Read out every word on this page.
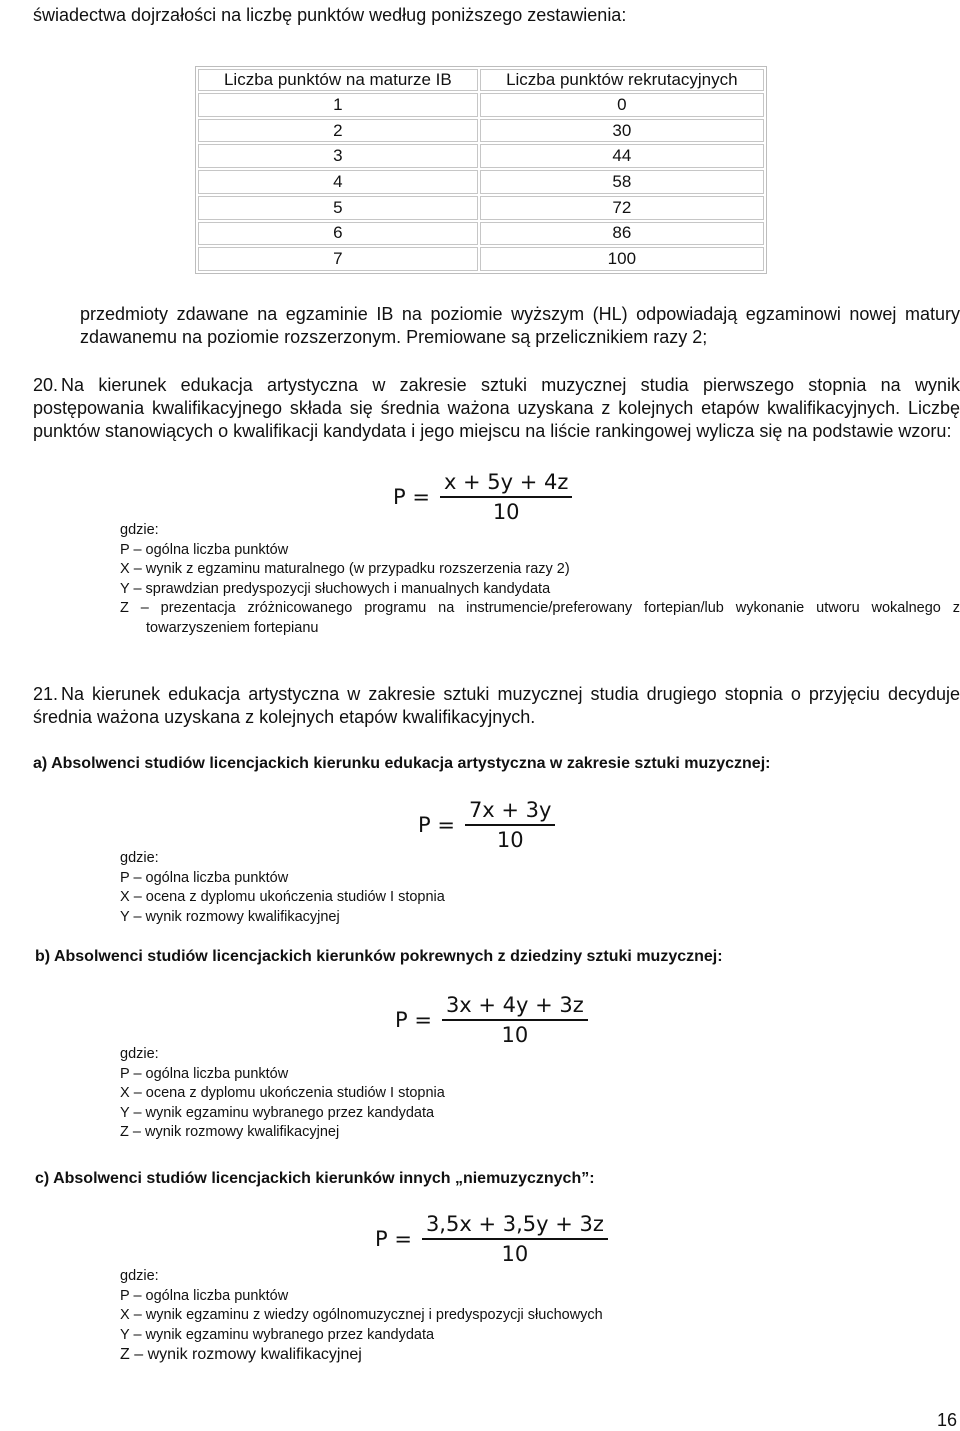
świadectwa dojrzałości na liczbę punktów według poniższego zestawienia:
Liczba punktów na maturze IB	Liczba punktów rekrutacyjnych
1	0
2	30
3	44
4	58
5	72
6	86
7	100
przedmioty zdawane na egzaminie IB na poziomie wyższym (HL) odpowiadają egzaminowi nowej matury zdawanemu na poziomie rozszerzonym. Premiowane są przelicznikiem razy 2;
20. Na kierunek edukacja artystyczna w zakresie sztuki muzycznej studia pierwszego stopnia na wynik postępowania kwalifikacyjnego składa się średnia ważona uzyskana z kolejnych etapów kwalifikacyjnych. Liczbę punktów stanowiących o kwalifikacji kandydata i jego miejscu na liście rankingowej wylicza się na podstawie wzoru:
$P = \frac{x + 5y + 4z}{10}$
gdzie:
P – ogólna liczba punktów
X – wynik z egzaminu maturalnego (w przypadku rozszerzenia razy 2)
Y – sprawdzian predyspozycji słuchowych i manualnych kandydata
Z – prezentacja zróżnicowanego programu na instrumencie/preferowany fortepian/lub wykonanie utworu wokalnego z towarzyszeniem fortepianu
21. Na kierunek edukacja artystyczna w zakresie sztuki muzycznej studia drugiego stopnia o przyjęciu decyduje średnia ważona uzyskana z kolejnych etapów kwalifikacyjnych.
a) Absolwenci studiów licencjackich kierunku edukacja artystyczna w zakresie sztuki muzycznej:
$P = \frac{7x + 3y}{10}$
gdzie:
P – ogólna liczba punktów
X – ocena z dyplomu ukończenia studiów I stopnia
Y – wynik rozmowy kwalifikacyjnej
b) Absolwenci studiów licencjackich kierunków pokrewnych z dziedziny sztuki muzycznej:
$P = \frac{3x + 4y + 3z}{10}$
gdzie:
P – ogólna liczba punktów
X – ocena z dyplomu ukończenia studiów I stopnia
Y – wynik egzaminu wybranego przez kandydata
Z – wynik rozmowy kwalifikacyjnej
c) Absolwenci studiów licencjackich kierunków innych „niemuzycznych”:
$P = \frac{3,5x + 3,5y + 3z}{10}$
gdzie:
P – ogólna liczba punktów
X – wynik egzaminu z wiedzy ogólnomuzycznej i predyspozycji słuchowych
Y – wynik egzaminu wybranego przez kandydata
Z – wynik rozmowy kwalifikacyjnej
16
